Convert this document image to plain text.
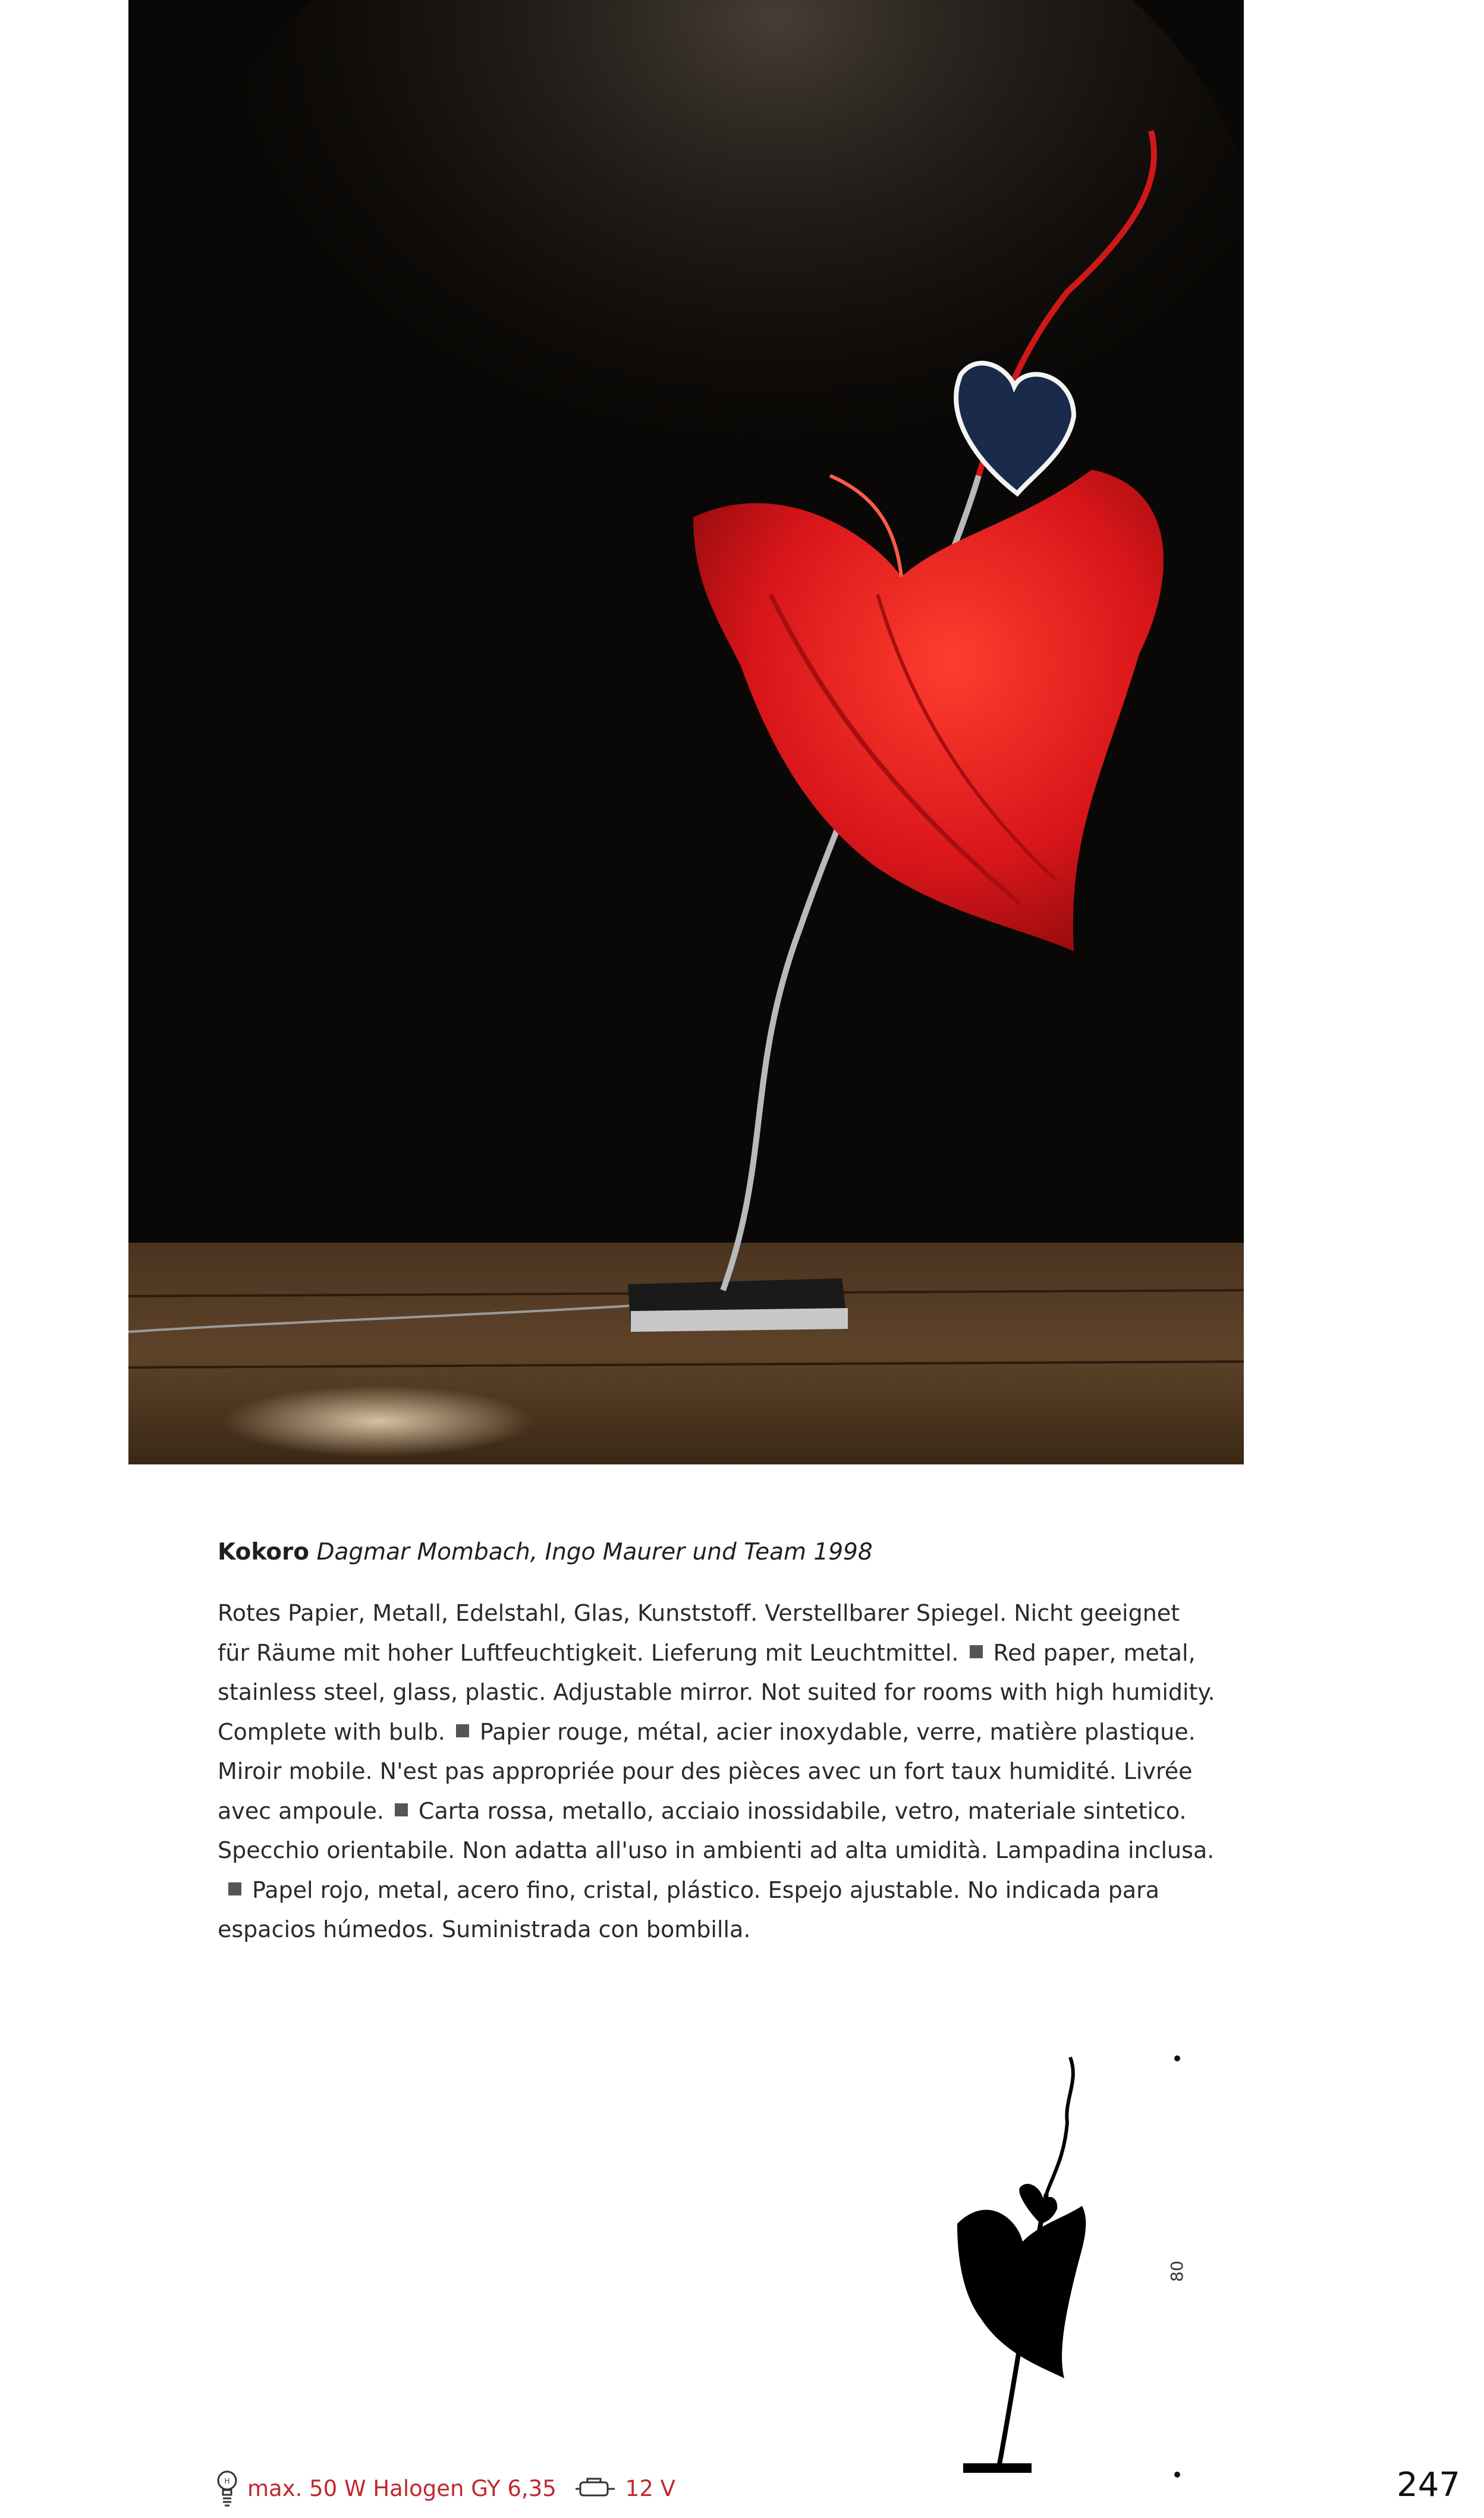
Kokoro Dagmar Mombach, Ingo Maurer und Team 1998

Rotes Papier, Metall, Edelstahl, Glas, Kunststoff. Verstellbarer Spiegel. Nicht geeignet für Räume mit hoher Luftfeuchtigkeit. Lieferung mit Leuchtmittel. Red paper, metal, stainless steel, glass, plastic. Adjustable mirror. Not suited for rooms with high humidity. Complete with bulb. Papier rouge, métal, acier inoxydable, verre, matière plastique. Miroir mobile. N'est pas appropriée pour des pièces avec un fort taux humidité. Livrée avec ampoule. Carta rossa, metallo, acciaio inossidabile, vetro, materiale sintetico. Specchio orientabile. Non adatta all'uso in ambienti ad alta umidità. Lampadina inclusa.Papel rojo, metal, acero fino, cristal, plástico. Espejo ajustable. No indicada para espacios húmedos. Suministrada con bombilla.

80
H max. 50 W Halogen GY 6,35	12 V	247
